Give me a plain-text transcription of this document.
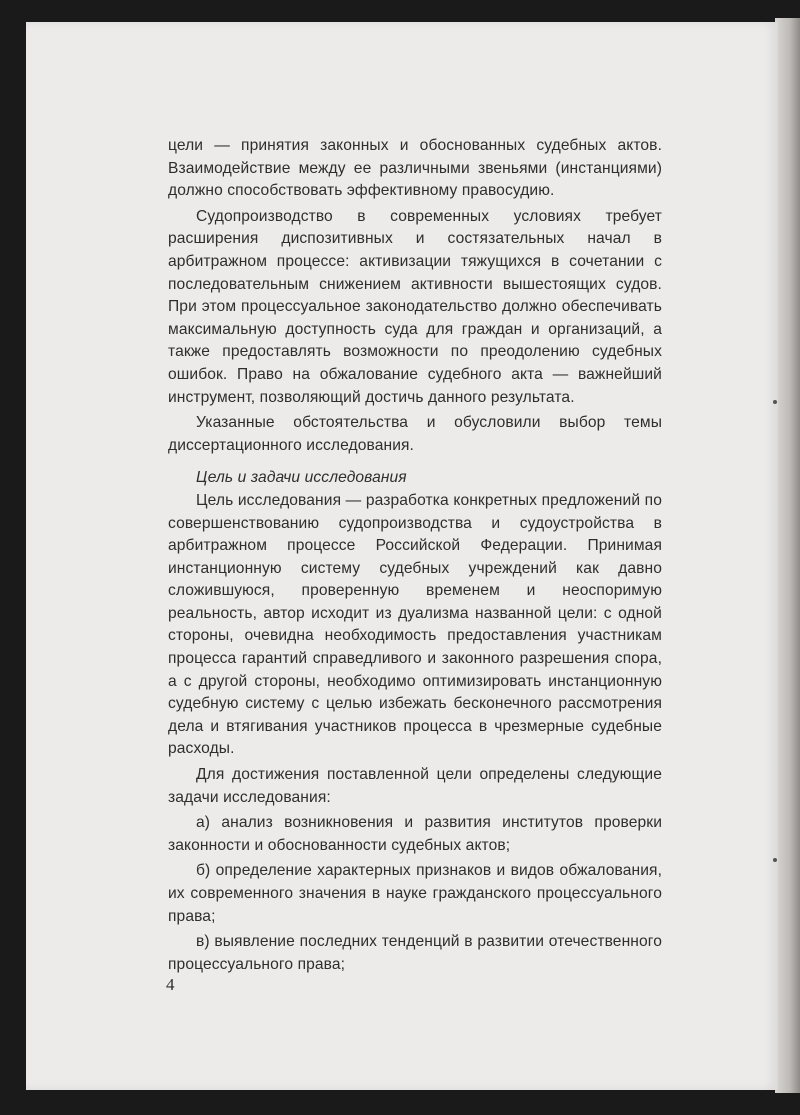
цели — принятия законных и обоснованных судебных актов. Взаимодействие между ее различными звеньями (инстанциями) должно способствовать эффективному правосудию.

Судопроизводство в современных условиях требует расширения диспозитивных и состязательных начал в арбитражном процессе: активизации тяжущихся в сочетании с последовательным снижением активности вышестоящих судов. При этом процессуальное законодательство должно обеспечивать максимальную доступность суда для граждан и организаций, а также предоставлять возможности по преодолению судебных ошибок. Право на обжалование судебного акта — важнейший инструмент, позволяющий достичь данного результата.

Указанные обстоятельства и обусловили выбор темы диссертационного исследования.

Цель и задачи исследования

Цель исследования — разработка конкретных предложений по совершенствованию судопроизводства и судоустройства в арбитражном процессе Российской Федерации. Принимая инстанционную систему судебных учреждений как давно сложившуюся, проверенную временем и неоспоримую реальность, автор исходит из дуализма названной цели: с одной стороны, очевидна необходимость предоставления участникам процесса гарантий справедливого и законного разрешения спора, а с другой стороны, необходимо оптимизировать инстанционную судебную систему с целью избежать бесконечного рассмотрения дела и втягивания участников процесса в чрезмерные судебные расходы.

Для достижения поставленной цели определены следующие задачи исследования:

а) анализ возникновения и развития институтов проверки законности и обоснованности судебных актов;

б) определение характерных признаков и видов обжалования, их современного значения в науке гражданского процессуального права;

в) выявление последних тенденций в развитии отечественного процессуального права;

4
